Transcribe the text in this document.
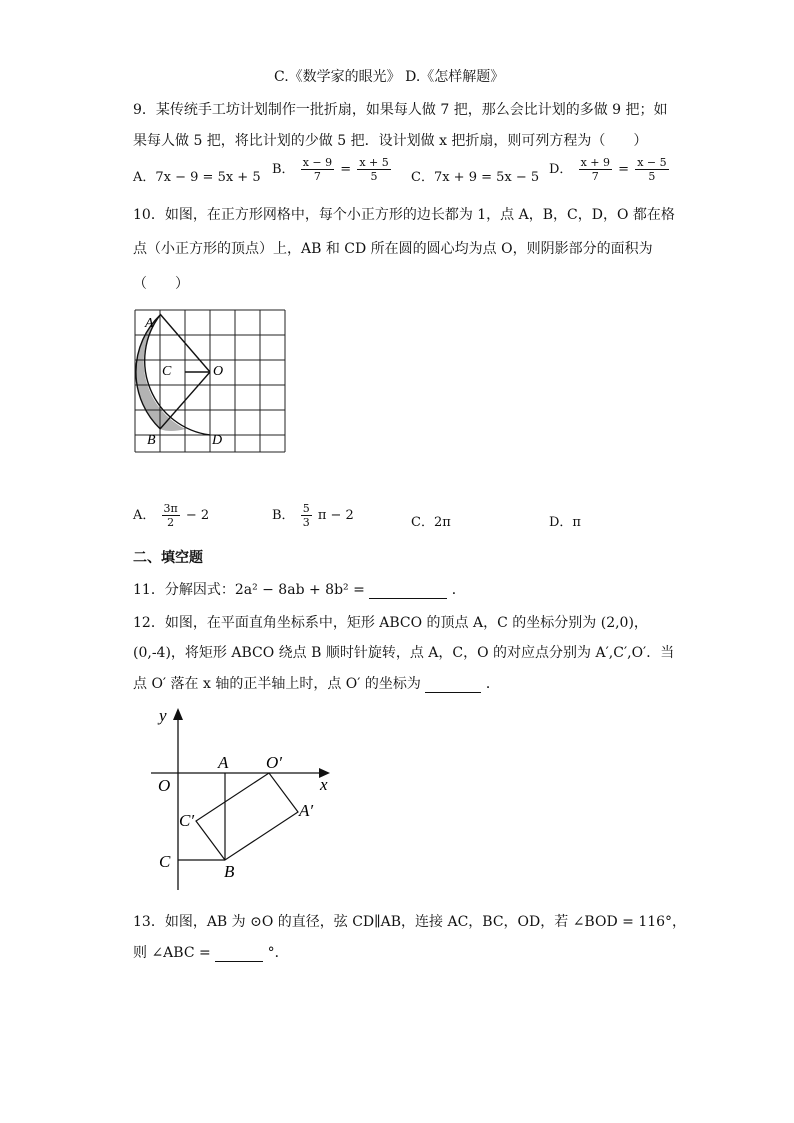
C.《数学家的眼光》 D.《怎样解题》
9．某传统手工坊计划制作一批折扇，如果每人做 7 把，那么会比计划的多做 9 把；如
果每人做 5 把，将比计划的少做 5 把．设计划做 x 把折扇，则可列方程为（　　）
A．7x − 9 = 5x + 5
B． $\frac{x - 9}{7} = \frac{x + 5}{5}$ C．7x + 9 = 5x − 5
D． $\frac{x + 9}{7} = \frac{x - 5}{5}$
10．如图，在正方形网格中，每个小正方形的边长都为 1，点 A，B，C，D，O 都在格
点（小正方形的顶点）上，AB 和 CD 所在圆的圆心均为点 O，则阴影部分的面积为
（　　）
A
C	O
B	D
A． $\frac{3\pi}{2} - 2$	B． $\frac{5}{3}$ π − 2	C．2π	D．π
二、填空题
11．分解因式：2a² − 8ab + 8b² =	．
12．如图，在平面直角坐标系中，矩形 ABCO 的顶点 A，C 的坐标分别为 (2,0)，
(0,-4)，将矩形 ABCO 绕点 B 顺时针旋转，点 A，C，O 的对应点分别为 A′,C′,O′．当
点 O′ 落在 x 轴的正半轴上时，点 O′ 的坐标为	．
y
x
O
A O′
A′
C′
C
B
13．如图，AB 为 ⊙O 的直径，弦 CD∥AB，连接 AC，BC，OD，若 ∠BOD = 116°，
则 ∠ABC =	°．
